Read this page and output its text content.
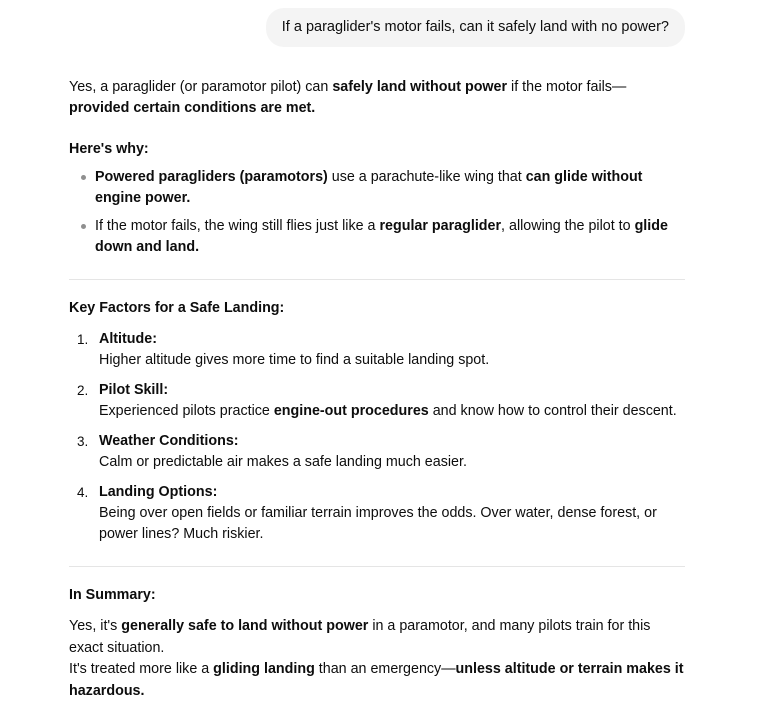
If a paraglider's motor fails, can it safely land with no power?

Yes, a paraglider (or paramotor pilot) can safely land without power if the motor fails—provided certain conditions are met.

Here's why:
Powered paragliders (paramotors) use a parachute-like wing that can glide without engine power.
If the motor fails, the wing still flies just like a regular paraglider, allowing the pilot to glide down and land.
Key Factors for a Safe Landing:
Altitude:
Higher altitude gives more time to find a suitable landing spot.
Pilot Skill:
Experienced pilots practice engine-out procedures and know how to control their descent.
Weather Conditions:
Calm or predictable air makes a safe landing much easier.
Landing Options:
Being over open fields or familiar terrain improves the odds. Over water, dense forest, or power lines? Much riskier.
In Summary:
Yes, it's generally safe to land without power in a paramotor, and many pilots train for this exact situation.
It's treated more like a gliding landing than an emergency—unless altitude or terrain makes it hazardous.
